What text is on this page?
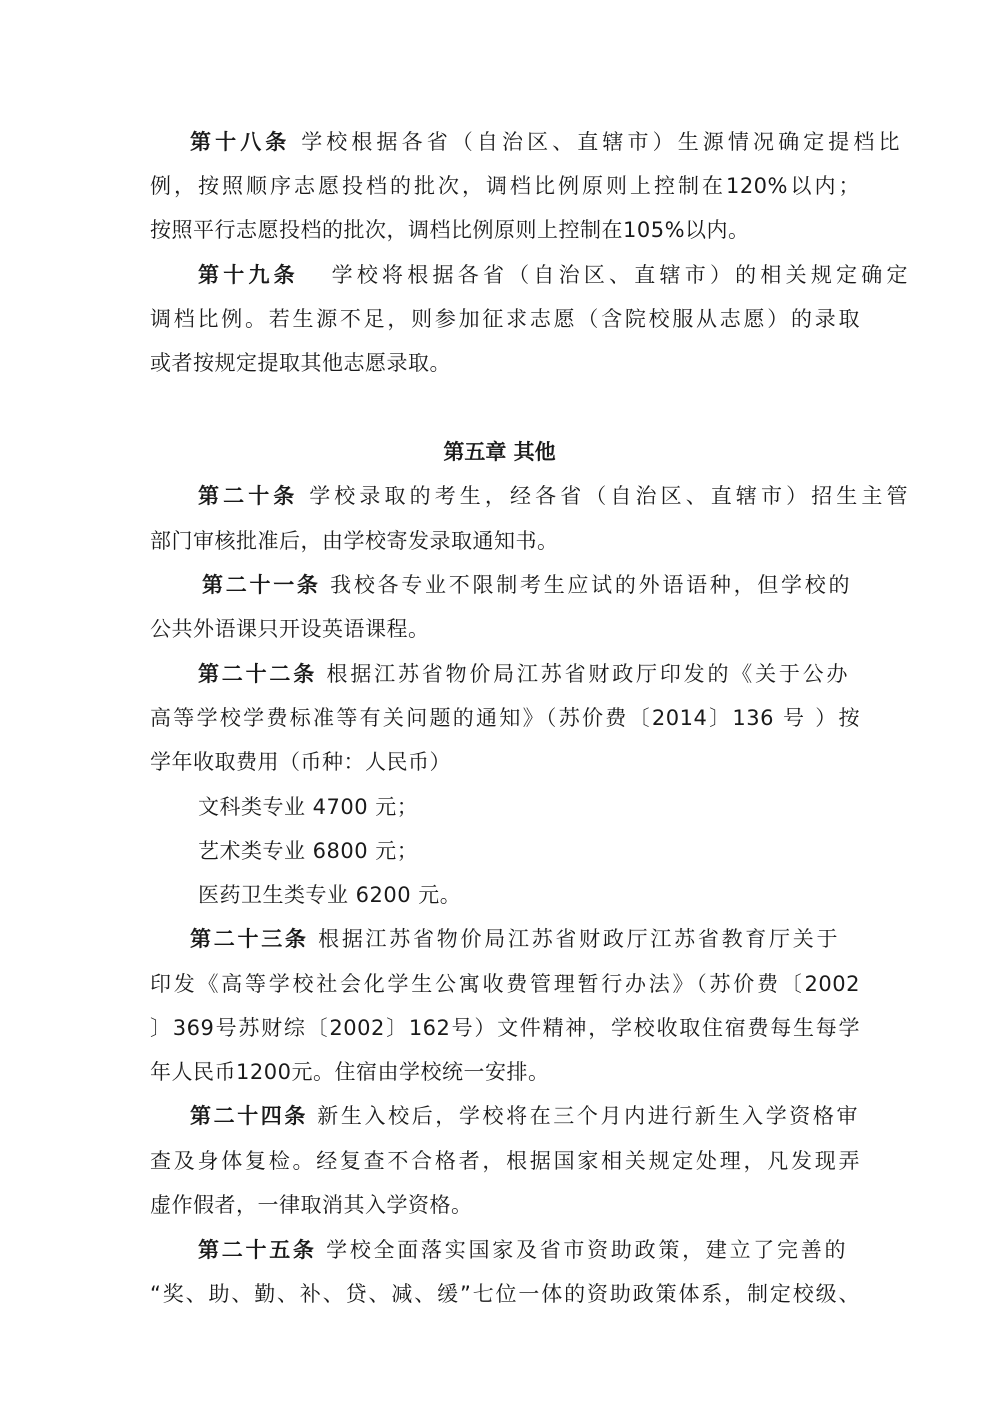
第十八条 学校根据各省（自治区、直辖市）生源情况确定提档比
例，按照顺序志愿投档的批次，调档比例原则上控制在120%以内；
按照平行志愿投档的批次，调档比例原则上控制在105%以内。
第十九条 学校将根据各省（自治区、直辖市）的相关规定确定
调档比例。若生源不足，则参加征求志愿（含院校服从志愿）的录取
或者按规定提取其他志愿录取。
第五章 其他
第二十条 学校录取的考生，经各省（自治区、直辖市）招生主管
部门审核批准后，由学校寄发录取通知书。
第二十一条 我校各专业不限制考生应试的外语语种，但学校的
公共外语课只开设英语课程。
第二十二条 根据江苏省物价局江苏省财政厅印发的《关于公办
高等学校学费标准等有关问题的通知》（苏价费〔2014〕136 号 ）按
学年收取费用（币种：人民币）
文科类专业 4700 元；
艺术类专业 6800 元；
医药卫生类专业 6200 元。
第二十三条 根据江苏省物价局江苏省财政厅江苏省教育厅关于
印发《高等学校社会化学生公寓收费管理暂行办法》（苏价费〔2002
〕369号苏财综〔2002〕162号）文件精神，学校收取住宿费每生每学
年人民币1200元。住宿由学校统一安排。
第二十四条 新生入校后，学校将在三个月内进行新生入学资格审
查及身体复检。经复查不合格者，根据国家相关规定处理，凡发现弄
虚作假者，一律取消其入学资格。
第二十五条 学校全面落实国家及省市资助政策，建立了完善的
“奖、助、勤、补、贷、减、缓”七位一体的资助政策体系，制定校级、
